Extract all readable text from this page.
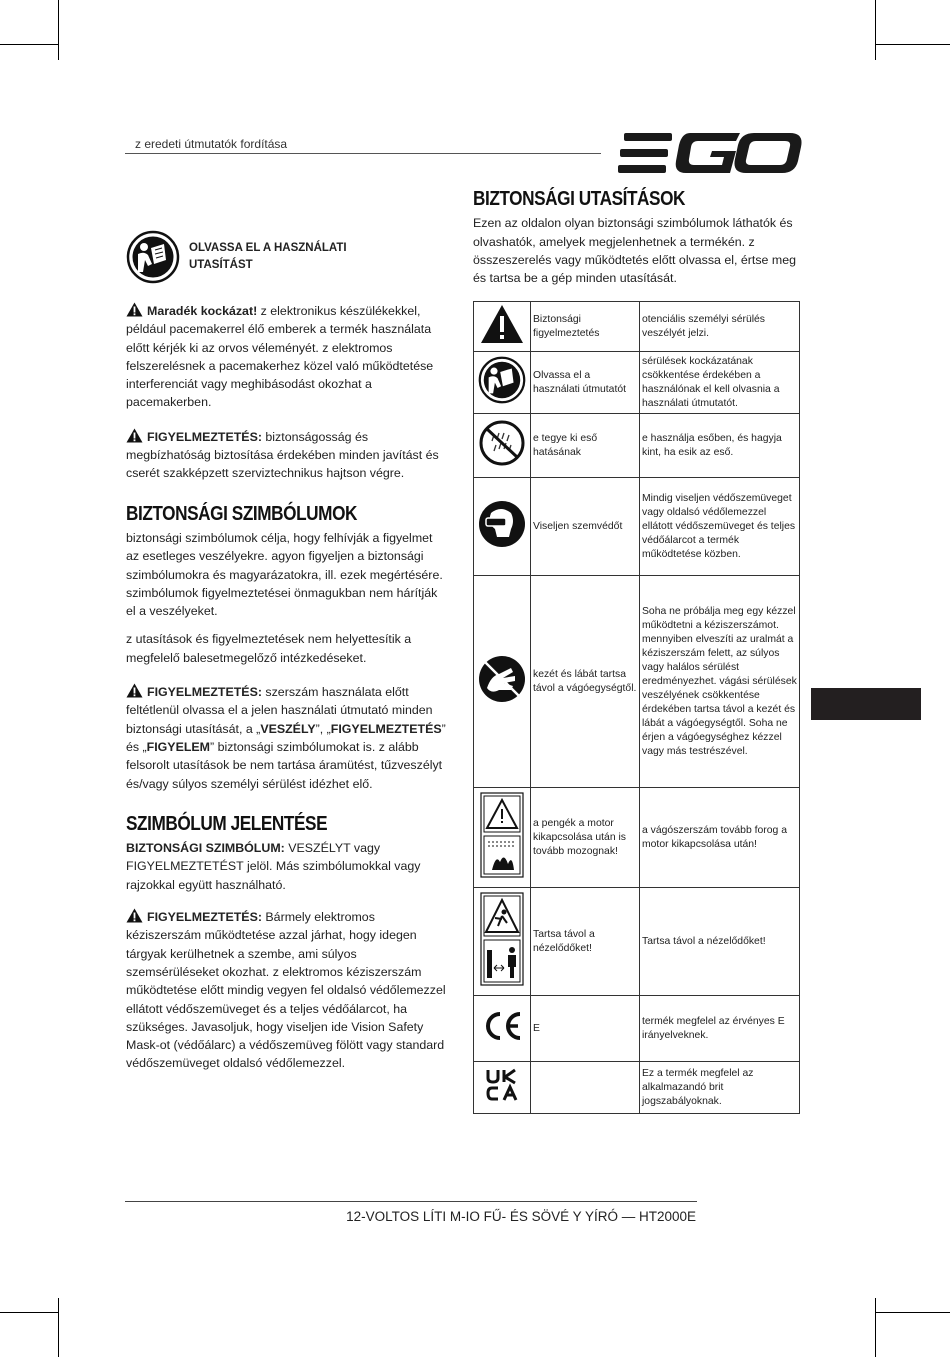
z eredeti útmutatók fordítása
OLVASSA EL A HASZNÁLATI UTASÍTÁST

Maradék kockázat! z elektronikus készülékekkel, például pacemakerrel élő emberek a termék használata előtt kérjék ki az orvos véleményét. z elektromos felszerelésnek a pacemakerhez közel való működtetése interferenciát vagy meghibásodást okozhat a pacemakerben.

FIGYELMEZTETÉS: biztonságosság és megbízhatóság biztosítása érdekében minden javítást és cserét szakképzett szerviztechnikus hajtson végre.

BIZTONSÁGI SZIMBÓLUMOK

biztonsági szimbólumok célja, hogy felhívják a figyelmet az esetleges veszélyekre. agyon figyeljen a biztonsági szimbólumokra és magyarázatokra, ill. ezek megértésére. szimbólumok figyelmeztetései önmagukban nem hárítják el a veszélyeket.

z utasítások és figyelmeztetések nem helyettesítik a megfelelő balesetmegelőző intézkedéseket.

FIGYELMEZTETÉS: szerszám használata előtt feltétlenül olvassa el a jelen használati útmutató minden biztonsági utasítását, a „VESZÉLY”, „FIGYELMEZTETÉS” és „FIGYELEM” biztonsági szimbólumokat is. z alább felsorolt utasítások be nem tartása áramütést, tűzveszélyt és/vagy súlyos személyi sérülést idézhet elő.

SZIMBÓLUM JELENTÉSE

BIZTONSÁGI SZIMBÓLUM: VESZÉLYT vagy FIGYELMEZTETÉST jelöl. Más szimbólumokkal vagy rajzokkal együtt használható.

FIGYELMEZTETÉS: Bármely elektromos kéziszerszám működtetése azzal járhat, hogy idegen tárgyak kerülhetnek a szembe, ami súlyos szemsérüléseket okozhat. z elektromos kéziszerszám működtetése előtt mindig vegyen fel oldalsó védőlemezzel ellátott védőszemüveget és a teljes védőálarcot, ha szükséges. Javasoljuk, hogy viseljen ide Vision Safety Mask-ot (védőálarc) a védőszemüveg fölött vagy standard védőszemüveget oldalsó védőlemezzel.

BIZTONSÁGI UTASÍTÁSOK

Ezen az oldalon olyan biztonsági szimbólumok láthatók és olvashatók, amelyek megjelenhetnek a termékén. z összeszerelés vagy működtetés előtt olvassa el, értse meg és tartsa be a gép minden utasítását.

	Biztonsági figyelmeztetés	otenciális személyi sérülés veszélyét jelzi.
	Olvassa el a használati útmutatót	sérülések kockázatának csökkentése érdekében a használónak el kell olvasnia a használati útmutatót.
	e tegye ki eső hatásának	e használja esőben, és hagyja kint, ha esik az eső.
	Viseljen szemvédőt	Mindig viseljen védőszemüveget vagy oldalsó védőlemezzel ellátott védőszemüveget és teljes védőálarcot a termék működtetése közben.
	kezét és lábát tartsa távol a vágóegységtől.	Soha ne próbálja meg egy kézzel működtetni a kéziszerszámot. mennyiben elveszíti az uralmát a kéziszerszám felett, az súlyos vagy halálos sérülést eredményezhet. vágási sérülések veszélyének csökkentése érdekében tartsa távol a kezét és lábát a vágóegységtől. Soha ne érjen a vágóegységhez kézzel vagy más testrészével.
	a pengék a motor kikapcsolása után is tovább mozognak!	a vágószerszám tovább forog a motor kikapcsolása után!
	Tartsa távol a nézelődőket!	Tartsa távol a nézelődőket!
	E	termék megfelel az érvényes E irányelveknek.
		Ez a termék megfelel az alkalmazandó brit jogszabályoknak.
12-VOLTOS LÍTI M-IO FŰ- ÉS SÖVÉ Y YÍRÓ — HT2000E
